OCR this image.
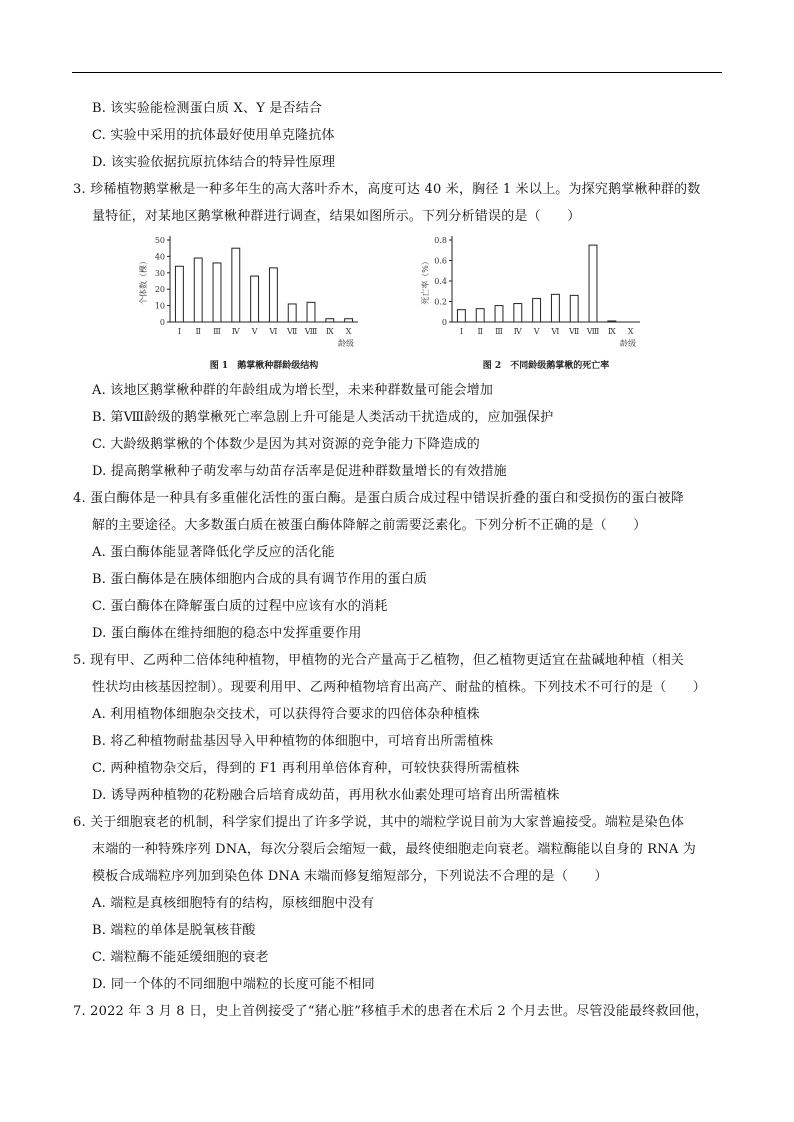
B. 该实验能检测蛋白质 X、Y 是否结合
C. 实验中采用的抗体最好使用单克隆抗体
D. 该实验依据抗原抗体结合的特异性原理
3. 珍稀植物鹅掌楸是一种多年生的高大落叶乔木，高度可达 40 米，胸径 1 米以上。为探究鹅掌楸种群的数
量特征，对某地区鹅掌楸种群进行调查，结果如图所示。下列分析错误的是（　　）
0
10
20
30
40
50
个体数（棵）
Ⅰ Ⅱ Ⅲ Ⅳ Ⅴ Ⅵ Ⅶ Ⅷ Ⅸ Ⅹ
龄级
图 1　鹅掌楸种群龄级结构
0
0.2
0.4
0.6
0.8
死亡率（%）
Ⅰ Ⅱ Ⅲ Ⅳ Ⅴ Ⅵ Ⅶ Ⅷ Ⅸ Ⅹ
龄级
图 2　不同龄级鹅掌楸的死亡率
A. 该地区鹅掌楸种群的年龄组成为增长型，未来种群数量可能会增加
B. 第Ⅷ龄级的鹅掌楸死亡率急剧上升可能是人类活动干扰造成的，应加强保护
C. 大龄级鹅掌楸的个体数少是因为其对资源的竞争能力下降造成的
D. 提高鹅掌楸种子萌发率与幼苗存活率是促进种群数量增长的有效措施
4. 蛋白酶体是一种具有多重催化活性的蛋白酶。是蛋白质合成过程中错误折叠的蛋白和受损伤的蛋白被降
解的主要途径。大多数蛋白质在被蛋白酶体降解之前需要泛素化。下列分析不正确的是（　　）
A. 蛋白酶体能显著降低化学反应的活化能
B. 蛋白酶体是在胰体细胞内合成的具有调节作用的蛋白质
C. 蛋白酶体在降解蛋白质的过程中应该有水的消耗
D. 蛋白酶体在维持细胞的稳态中发挥重要作用
5. 现有甲、乙两种二倍体纯种植物，甲植物的光合产量高于乙植物，但乙植物更适宜在盐碱地种植（相关
性状均由核基因控制）。现要利用甲、乙两种植物培育出高产、耐盐的植株。下列技术不可行的是（　　）
A. 利用植物体细胞杂交技术，可以获得符合要求的四倍体杂种植株
B. 将乙种植物耐盐基因导入甲种植物的体细胞中，可培育出所需植株
C. 两种植物杂交后，得到的 F1 再利用单倍体育种，可较快获得所需植株
D. 诱导两种植物的花粉融合后培育成幼苗，再用秋水仙素处理可培育出所需植株
6. 关于细胞衰老的机制，科学家们提出了许多学说，其中的端粒学说目前为大家普遍接受。端粒是染色体
末端的一种特殊序列 DNA，每次分裂后会缩短一截，最终使细胞走向衰老。端粒酶能以自身的 RNA 为
模板合成端粒序列加到染色体 DNA 末端而修复缩短部分，下列说法不合理的是（　　）
A. 端粒是真核细胞特有的结构，原核细胞中没有
B. 端粒的单体是脱氧核苷酸
C. 端粒酶不能延缓细胞的衰老
D. 同一个体的不同细胞中端粒的长度可能不相同
7. 2022 年 3 月 8 日，史上首例接受了“猪心脏”移植手术的患者在术后 2 个月去世。尽管没能最终救回他，
